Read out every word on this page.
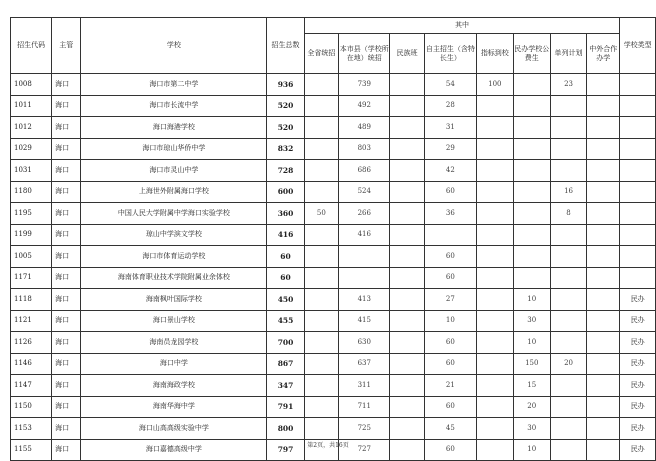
招生代码	主管	学校	招生总数	其中								学校类型
				全省统招	本市县（学校所在地）统招	民族班	自主招生（含特长生）	指标到校	民办学校公费生	单列计划	中外合作办学	
1008	海口	海口市第二中学	936		739		54	100		23		
1011	海口	海口市长流中学	520		492		28					
1012	海口	海口海港学校	520		489		31					
1029	海口	海口市琼山华侨中学	832		803		29					
1031	海口	海口市灵山中学	728		686		42					
1180	海口	上海世外附属海口学校	600		524		60			16		
1195	海口	中国人民大学附属中学海口实验学校	360	50	266		36			8		
1199	海口	琼山中学滨文学校	416		416							
1005	海口	海口市体育运动学校	60				60					
1171	海口	海南体育职业技术学院附属业余体校	60				60					
1118	海口	海南枫叶国际学校	450		413		27		10			民办
1121	海口	海口景山学校	455		415		10		30			民办
1126	海口	海南员龙园学校	700		630		60		10			民办
1146	海口	海口中学	867		637		60		150	20		民办
1147	海口	海南海政学校	347		311		21		15			民办
1150	海口	海南华海中学	791		711		60		20			民办
1153	海口	海口山高高级实验中学	800		725		45		30			民办
1155	海口	海口嘉德高级中学	797		727		60		10			民办
第2页，共16页
